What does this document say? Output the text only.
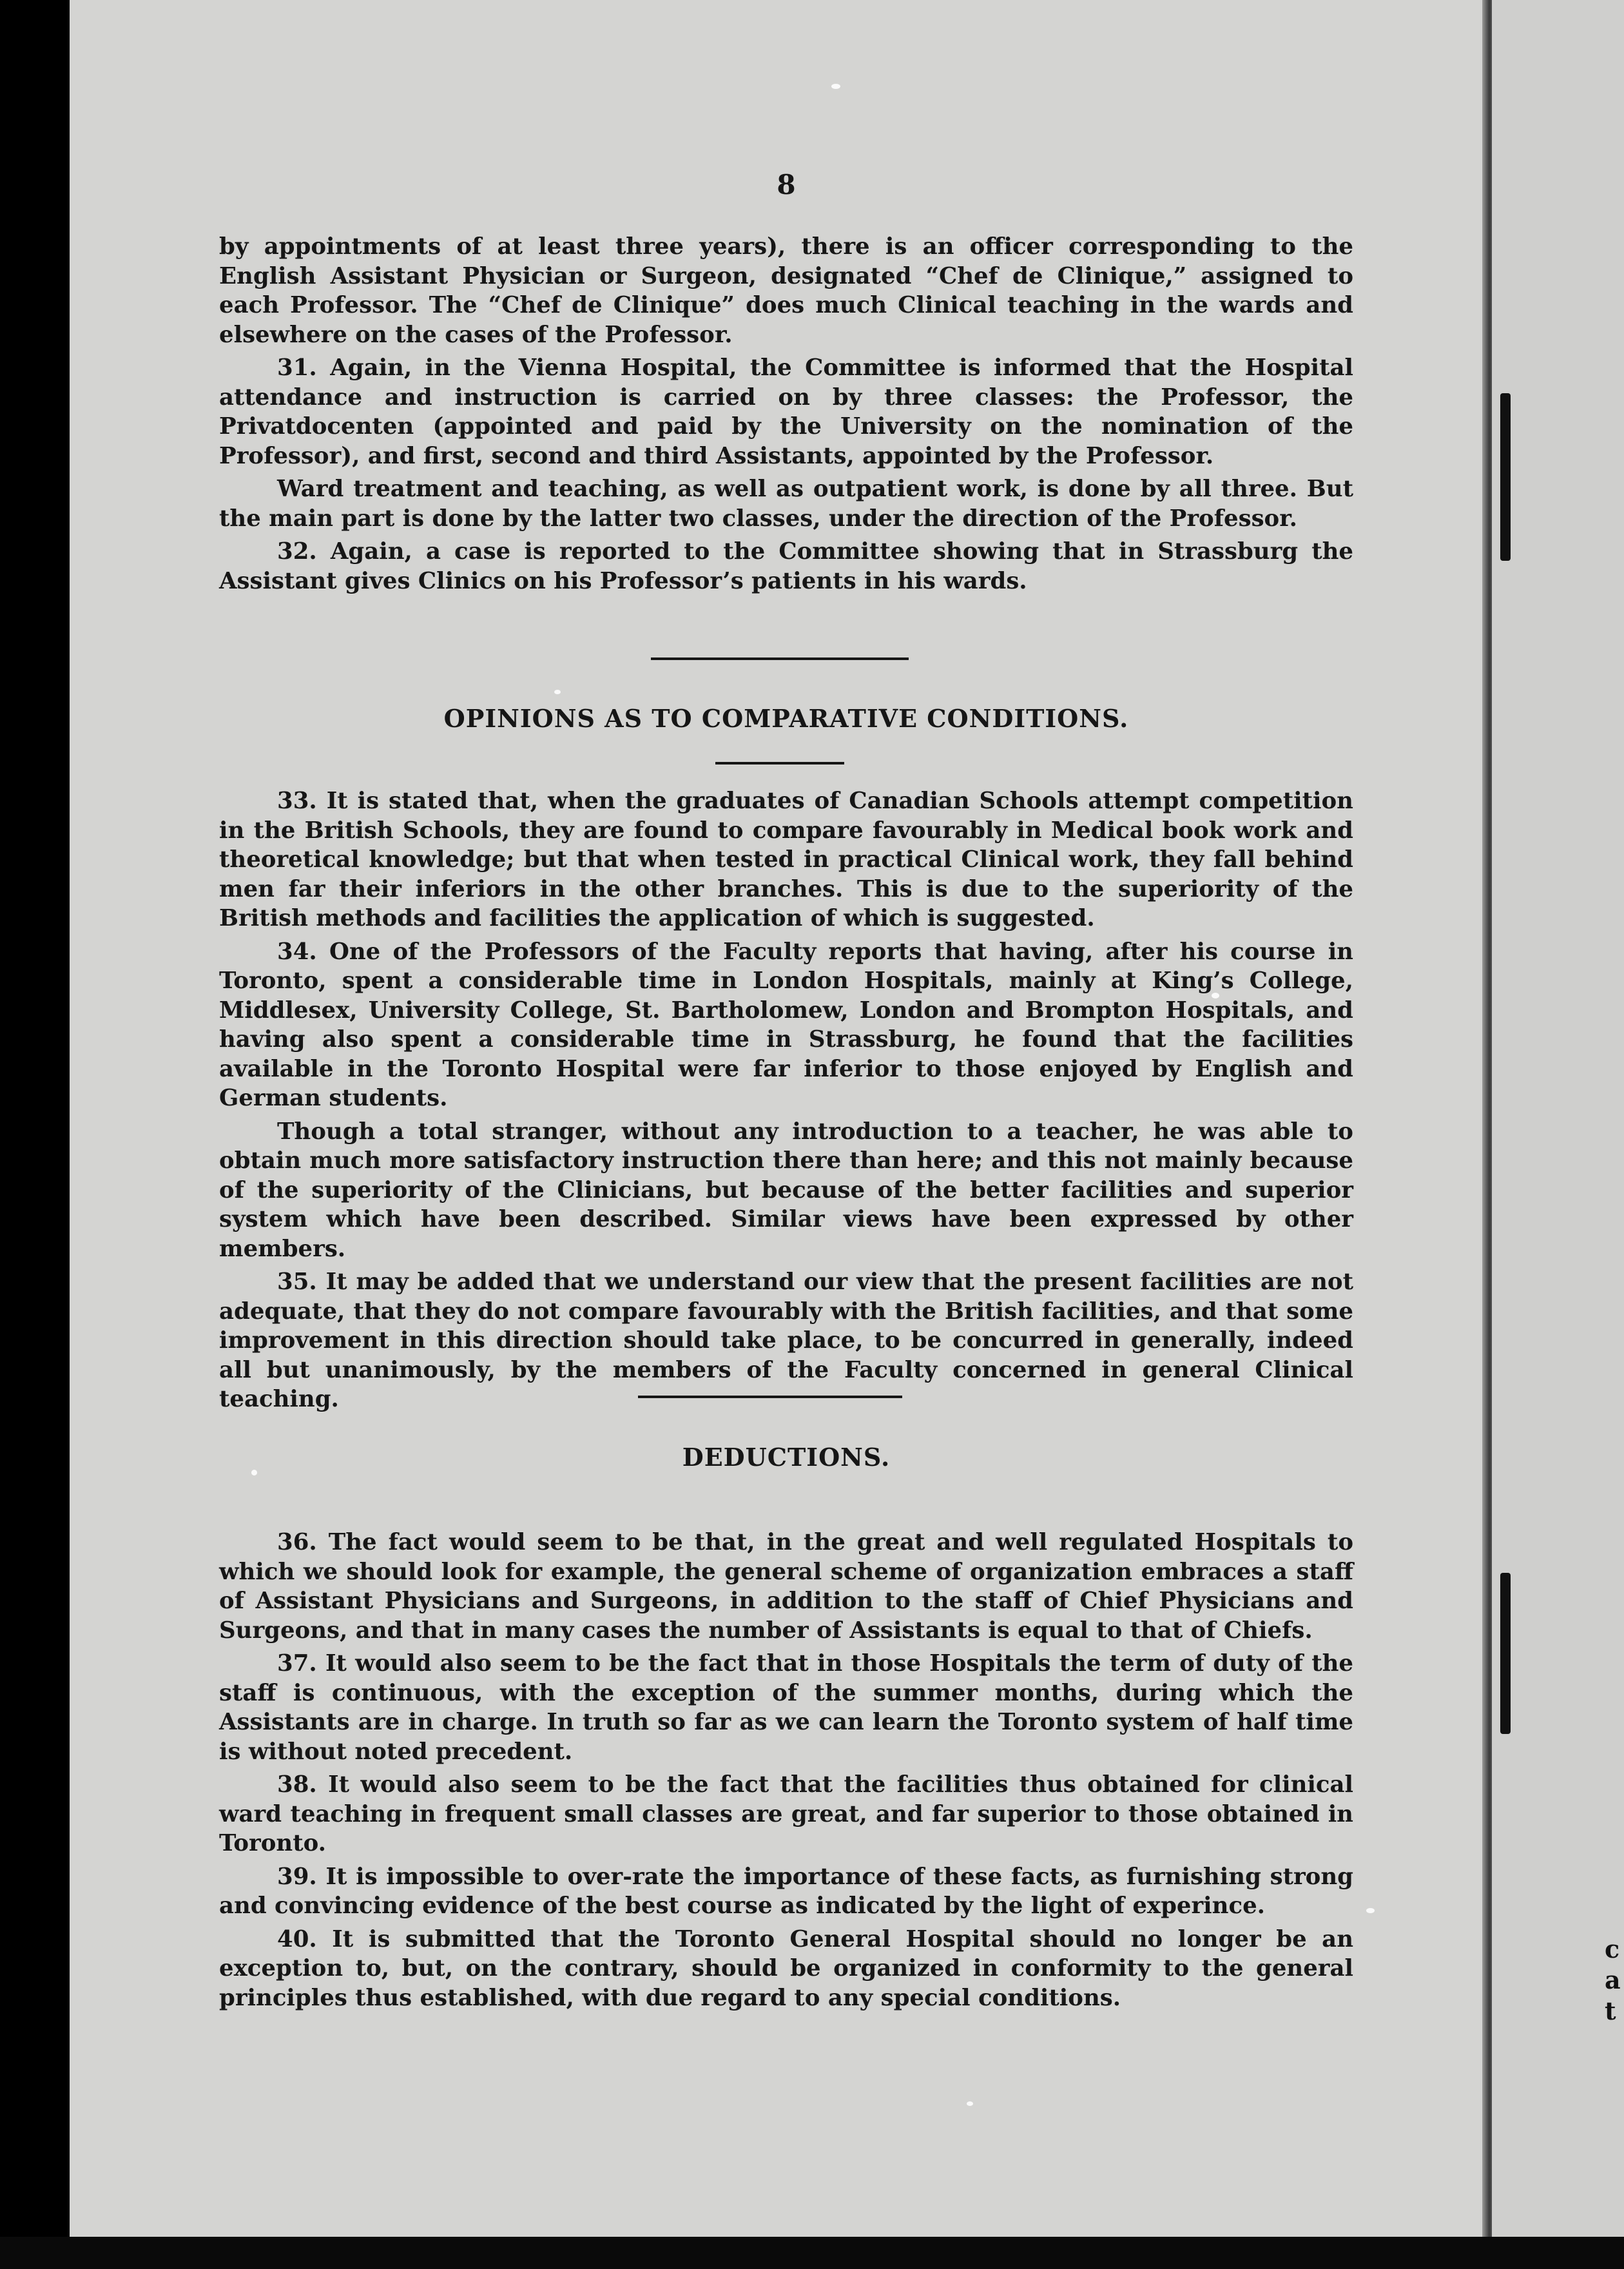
c
a
t
8

by appointments of at least three years), there is an officer corresponding to the English Assistant Physician or Surgeon, designated “Chef de Clinique,” assigned to each Professor. The “Chef de Clinique” does much Clinical teaching in the wards and elsewhere on the cases of the Professor.

31. Again, in the Vienna Hospital, the Committee is informed that the Hospital attendance and instruction is carried on by three classes: the Professor, the Privatdocenten (appointed and paid by the University on the nomination of the Professor), and first, second and third Assistants, appointed by the Professor.

Ward treatment and teaching, as well as outpatient work, is done by all three. But the main part is done by the latter two classes, under the direction of the Professor.

32. Again, a case is reported to the Committee showing that in Strassburg the Assistant gives Clinics on his Professor’s patients in his wards.

OPINIONS AS TO COMPARATIVE CONDITIONS.

33. It is stated that, when the graduates of Canadian Schools attempt competition in the British Schools, they are found to compare favourably in Medical book work and theoretical knowledge; but that when tested in practical Clinical work, they fall behind men far their inferiors in the other branches. This is due to the superiority of the British methods and facilities the application of which is suggested.

34. One of the Professors of the Faculty reports that having, after his course in Toronto, spent a considerable time in London Hospitals, mainly at King’s College, Middlesex, University College, St. Bartholomew, London and Brompton Hospitals, and having also spent a considerable time in Strassburg, he found that the facilities available in the Toronto Hospital were far inferior to those enjoyed by English and German students.

Though a total stranger, without any introduction to a teacher, he was able to obtain much more satisfactory instruction there than here; and this not mainly because of the superiority of the Clinicians, but because of the better facilities and superior system which have been described. Similar views have been expressed by other members.

35. It may be added that we understand our view that the present facilities are not adequate, that they do not compare favourably with the British facilities, and that some improvement in this direction should take place, to be concurred in generally, indeed all but unanimously, by the members of the Faculty concerned in general Clinical teaching.

DEDUCTIONS.

36. The fact would seem to be that, in the great and well regulated Hospitals to which we should look for example, the general scheme of organization embraces a staff of Assistant Physicians and Surgeons, in addition to the staff of Chief Physicians and Surgeons, and that in many cases the number of Assistants is equal to that of Chiefs.

37. It would also seem to be the fact that in those Hospitals the term of duty of the staff is continuous, with the exception of the summer months, during which the Assistants are in charge. In truth so far as we can learn the Toronto system of half time is without noted precedent.

38. It would also seem to be the fact that the facilities thus obtained for clinical ward teaching in frequent small classes are great, and far superior to those obtained in Toronto.

39. It is impossible to over-rate the importance of these facts, as furnishing strong and convincing evidence of the best course as indicated by the light of experince.

40. It is submitted that the Toronto General Hospital should no longer be an exception to, but, on the contrary, should be organized in conformity to the general principles thus established, with due regard to any special conditions.
